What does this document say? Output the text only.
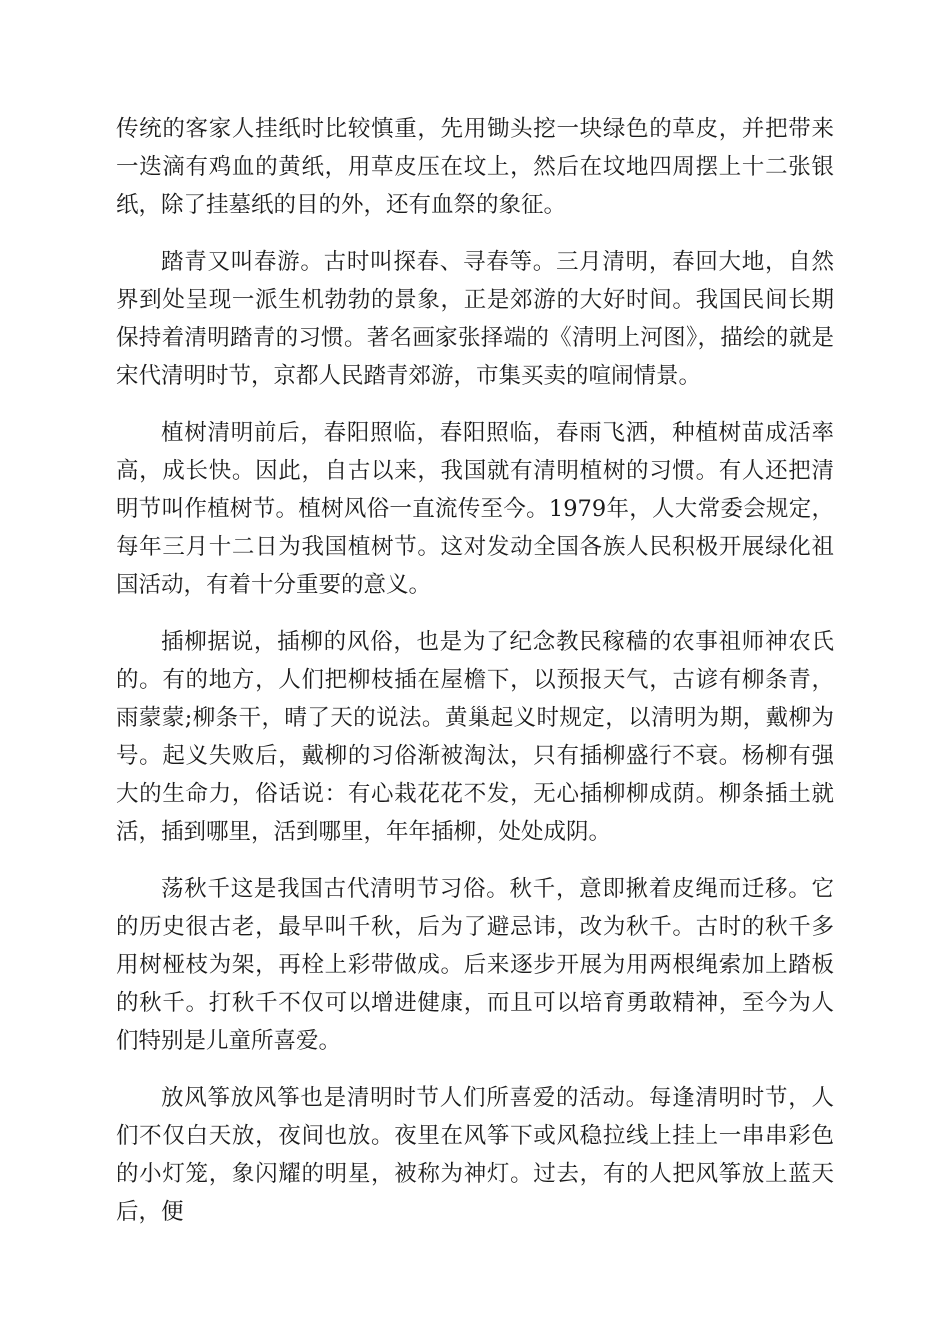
传统的客家人挂纸时比较慎重，先用锄头挖一块绿色的草皮，并把带来一迭滴有鸡血的黄纸，用草皮压在坟上，然后在坟地四周摆上十二张银纸，除了挂墓纸的目的外，还有血祭的象征。

踏青又叫春游。古时叫探春、寻春等。三月清明，春回大地，自然界到处呈现一派生机勃勃的景象，正是郊游的大好时间。我国民间长期保持着清明踏青的习惯。著名画家张择端的《清明上河图》，描绘的就是宋代清明时节，京都人民踏青郊游，市集买卖的喧闹情景。

植树清明前后，春阳照临，春阳照临，春雨飞洒，种植树苗成活率高，成长快。因此，自古以来，我国就有清明植树的习惯。有人还把清明节叫作植树节。植树风俗一直流传至今。1979年，人大常委会规定，每年三月十二日为我国植树节。这对发动全国各族人民积极开展绿化祖国活动，有着十分重要的意义。

插柳据说，插柳的风俗，也是为了纪念教民稼穑的农事祖师神农氏的。有的地方，人们把柳枝插在屋檐下，以预报天气，古谚有柳条青，雨蒙蒙;柳条干，晴了天的说法。黄巢起义时规定，以清明为期，戴柳为号。起义失败后，戴柳的习俗渐被淘汰，只有插柳盛行不衰。杨柳有强大的生命力，俗话说：有心栽花花不发，无心插柳柳成荫。柳条插土就活，插到哪里，活到哪里，年年插柳，处处成阴。

荡秋千这是我国古代清明节习俗。秋千，意即揪着皮绳而迁移。它的历史很古老，最早叫千秋，后为了避忌讳，改为秋千。古时的秋千多用树桠枝为架，再栓上彩带做成。后来逐步开展为用两根绳索加上踏板的秋千。打秋千不仅可以增进健康，而且可以培育勇敢精神，至今为人们特别是儿童所喜爱。

放风筝放风筝也是清明时节人们所喜爱的活动。每逢清明时节，人们不仅白天放，夜间也放。夜里在风筝下或风稳拉线上挂上一串串彩色的小灯笼，象闪耀的明星，被称为神灯。过去，有的人把风筝放上蓝天后，便
